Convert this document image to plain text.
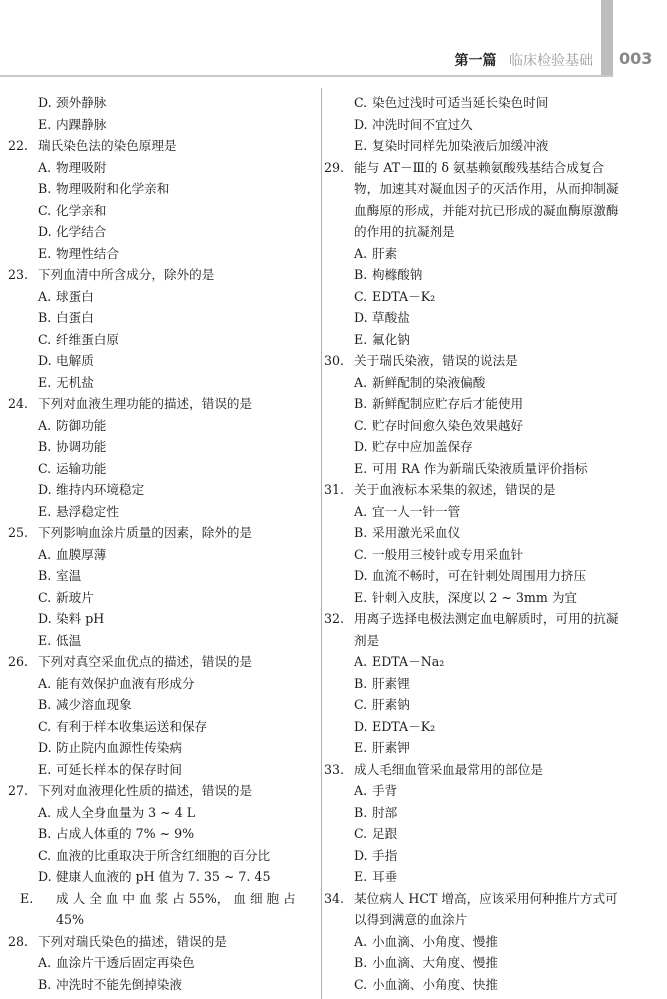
第一篇 临床检验基础 003
D. 颈外静脉
E. 内踝静脉
22. 瑞氏染色法的染色原理是
A. 物理吸附
B. 物理吸附和化学亲和
C. 化学亲和
D. 化学结合
E. 物理性结合
23. 下列血清中所含成分，除外的是
A. 球蛋白
B. 白蛋白
C. 纤维蛋白原
D. 电解质
E. 无机盐
24. 下列对血液生理功能的描述，错误的是
A. 防御功能
B. 协调功能
C. 运输功能
D. 维持内环境稳定
E. 悬浮稳定性
25. 下列影响血涂片质量的因素，除外的是
A. 血膜厚薄
B. 室温
C. 新玻片
D. 染料 pH
E. 低温
26. 下列对真空采血优点的描述，错误的是
A. 能有效保护血液有形成分
B. 减少溶血现象
C. 有利于样本收集运送和保存
D. 防止院内血源性传染病
E. 可延长样本的保存时间
27. 下列对血液理化性质的描述，错误的是
A. 成人全身血量为 3 ~ 4 L
B. 占成人体重的 7% ~ 9%
C. 血液的比重取决于所含红细胞的百分比
D. 健康人血液的 pH 值为 7. 35 ~ 7. 45
E. 成 人 全 血 中 血 浆 占 55%， 血 细 胞 占 45%
28. 下列对瑞氏染色的描述，错误的是
A. 血涂片干透后固定再染色
B. 冲洗时不能先倒掉染液
C. 染色过浅时可适当延长染色时间
D. 冲洗时间不宜过久
E. 复染时同样先加染液后加缓冲液
29. 能与 AT－Ⅲ的 δ 氨基赖氨酸残基结合成复合物，加速其对凝血因子的灭活作用，从而抑制凝血酶原的形成，并能对抗已形成的凝血酶原激酶的作用的抗凝剂是
A. 肝素
B. 枸橼酸钠
C. EDTA－K₂
D. 草酸盐
E. 氟化钠
30. 关于瑞氏染液，错误的说法是
A. 新鲜配制的染液偏酸
B. 新鲜配制应贮存后才能使用
C. 贮存时间愈久染色效果越好
D. 贮存中应加盖保存
E. 可用 RA 作为新瑞氏染液质量评价指标
31. 关于血液标本采集的叙述，错误的是
A. 宜一人一针一管
B. 采用激光采血仪
C. 一般用三棱针或专用采血针
D. 血流不畅时，可在针刺处周围用力挤压
E. 针刺入皮肤，深度以 2 ~ 3mm 为宜
32. 用离子选择电极法测定血电解质时，可用的抗凝剂是
A. EDTA－Na₂
B. 肝素锂
C. 肝素钠
D. EDTA－K₂
E. 肝素钾
33. 成人毛细血管采血最常用的部位是
A. 手背
B. 肘部
C. 足跟
D. 手指
E. 耳垂
34. 某位病人 HCT 增高，应该采用何种推片方式可以得到满意的血涂片
A. 小血滴、小角度、慢推
B. 小血滴、大角度、慢推
C. 小血滴、小角度、快推
